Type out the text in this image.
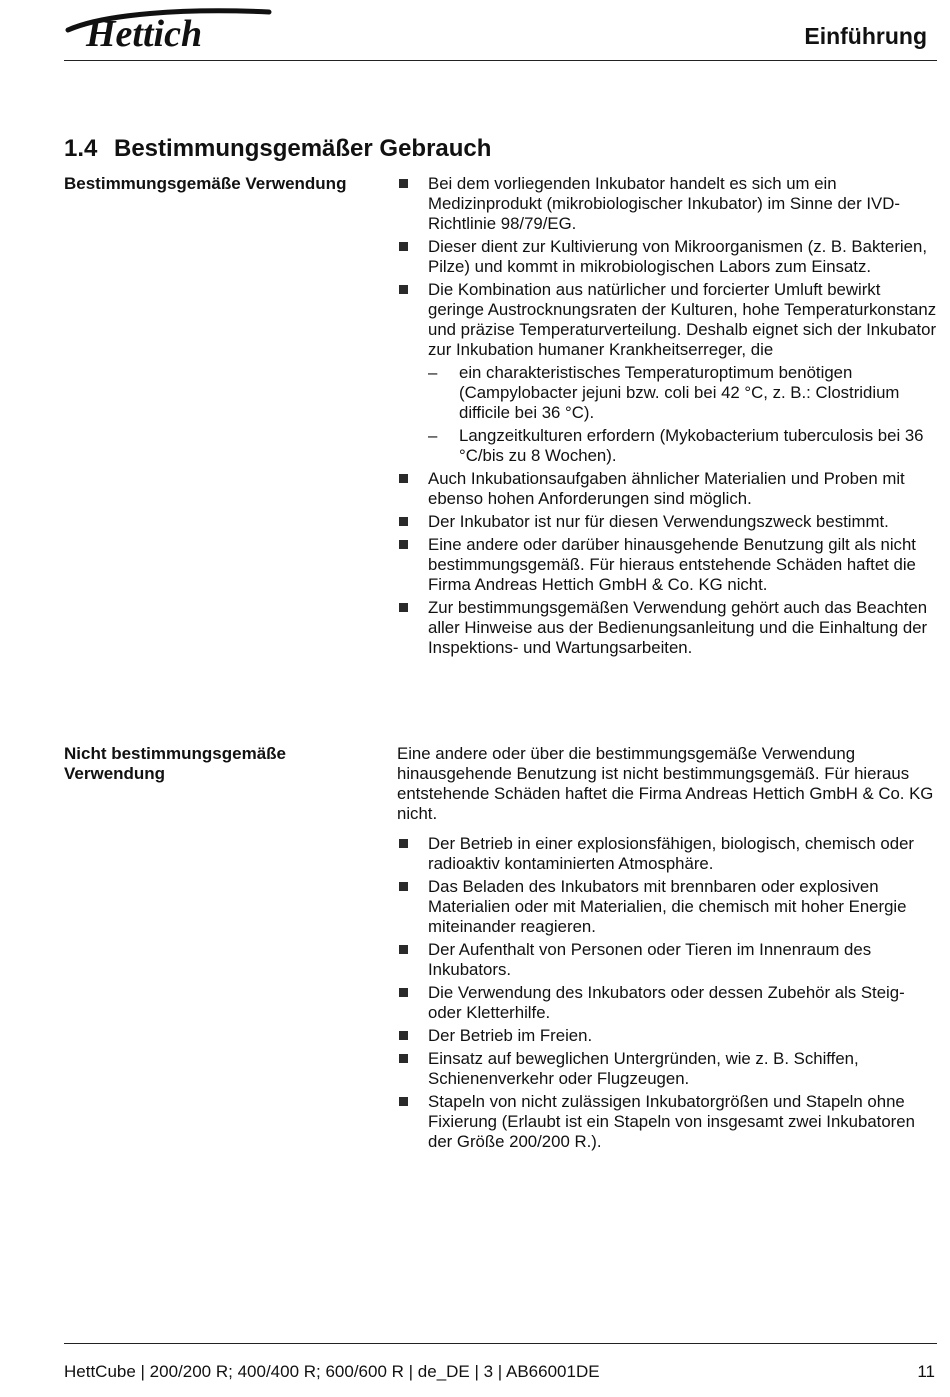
Hettich	Einführung
1.4 Bestimmungsgemäßer Gebrauch
Bestimmungsgemäße Verwendung	Bei dem vorliegenden Inkubator handelt es sich um ein Medizinprodukt (mikrobiologischer Inkubator) im Sinne der IVD-Richtlinie 98/79/EG.
Dieser dient zur Kultivierung von Mikroorganismen (z. B. Bakterien, Pilze) und kommt in mikrobiologischen Labors zum Einsatz.
Die Kombination aus natürlicher und forcierter Umluft bewirkt geringe Austrocknungsraten der Kulturen, hohe Temperaturkonstanz und präzise Temperaturverteilung. Deshalb eignet sich der Inkubator zur Inkubation humaner Krankheitserreger, die
– ein charakteristisches Temperaturoptimum benötigen (Campylobacter jejuni bzw. coli bei 42 °C, z. B.: Clostridium difficile bei 36 °C).
– Langzeitkulturen erfordern (Mykobacterium tuberculosis bei 36 °C/bis zu 8 Wochen).
Auch Inkubationsaufgaben ähnlicher Materialien und Proben mit ebenso hohen Anforderungen sind möglich.
Der Inkubator ist nur für diesen Verwendungszweck bestimmt.
Eine andere oder darüber hinausgehende Benutzung gilt als nicht bestimmungsgemäß. Für hieraus entstehende Schäden haftet die Firma Andreas Hettich GmbH & Co. KG nicht.
Zur bestimmungsgemäßen Verwendung gehört auch das Beachten aller Hinweise aus der Bedienungsanleitung und die Einhaltung der Inspektions- und Wartungsarbeiten.
Nicht bestimmungsgemäße Verwendung

Eine andere oder über die bestimmungsgemäße Verwendung hinausgehende Benutzung ist nicht bestimmungsgemäß. Für hieraus entstehende Schäden haftet die Firma Andreas Hettich GmbH & Co. KG nicht.

Der Betrieb in einer explosionsfähigen, biologisch, chemisch oder radioaktiv kontaminierten Atmosphäre.
Das Beladen des Inkubators mit brennbaren oder explosiven Materialien oder mit Materialien, die chemisch mit hoher Energie miteinander reagieren.
Der Aufenthalt von Personen oder Tieren im Innenraum des Inkubators.
Die Verwendung des Inkubators oder dessen Zubehör als Steig- oder Kletterhilfe.
Der Betrieb im Freien.
Einsatz auf beweglichen Untergründen, wie z. B. Schiffen, Schienenverkehr oder Flugzeugen.
Stapeln von nicht zulässigen Inkubatorgrößen und Stapeln ohne Fixierung (Erlaubt ist ein Stapeln von insgesamt zwei Inkubatoren der Größe 200/200 R.).
HettCube | 200/200 R; 400/400 R; 600/600 R | de_DE | 3 | AB66001DE	11
